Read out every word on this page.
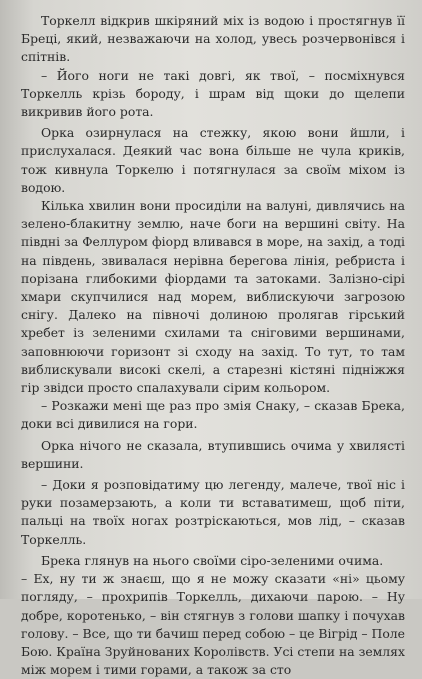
Торкелл відкрив шкіряний міх із водою і простягнув її Бреці, який, незважаючи на холод, увесь розчервонівся і спітнів.

– Його ноги не такі довгі, як твої, – посміхнувся Торкелль крізь бороду, і шрам від щоки до щелепи викривив його рота.

Орка озирнулася на стежку, якою вони йшли, і прислухалася. Деякий час вона більше не чула криків, тож кивнула Торкелю і потягнулася за своїм міхом із водою.

Кілька хвилин вони просиділи на валуні, дивлячись на зелено-блакитну землю, наче боги на вершині світу. На півдні за Феллуром фіорд вливався в море, на захід, а тоді на південь, звивалася нерівна берегова лінія, ребриста і порізана глибокими фіордами та затоками. Залізно-сірі хмари скупчилися над морем, виблискуючи загрозою снігу. Далеко на півночі долиною пролягав гірський хребет із зеленими схилами та сніговими вершинами, заповнюючи горизонт зі сходу на захід. То тут, то там виблискували високі скелі, а старезні кістяні підніжжя гір звідси просто спалахували сірим кольором.

– Розкажи мені ще раз про змія Снаку, – сказав Брека, доки всі дивилися на гори.

Орка нічого не сказала, втупившись очима у хвилясті вершини.

– Доки я розповідатиму цю легенду, малече, твої ніс і руки позамерзають, а коли ти вставатимеш, щоб піти, пальці на твоїх ногах розтріскаються, мов лід, – сказав Торкелль.

Брека глянув на нього своїми сіро-зеленими очима.

– Ех, ну ти ж знаєш, що я не можу сказати «ні» цьому погляду, – прохрипів Торкелль, дихаючи парою. – Ну добре, коротенько, – він стягнув з голови шапку і почухав голову. – Все, що ти бачиш перед собою – це Вігрід – Поле Бою. Країна Зруйнованих Королівств. Усі степи на землях між морем і тими горами, а також за сто
